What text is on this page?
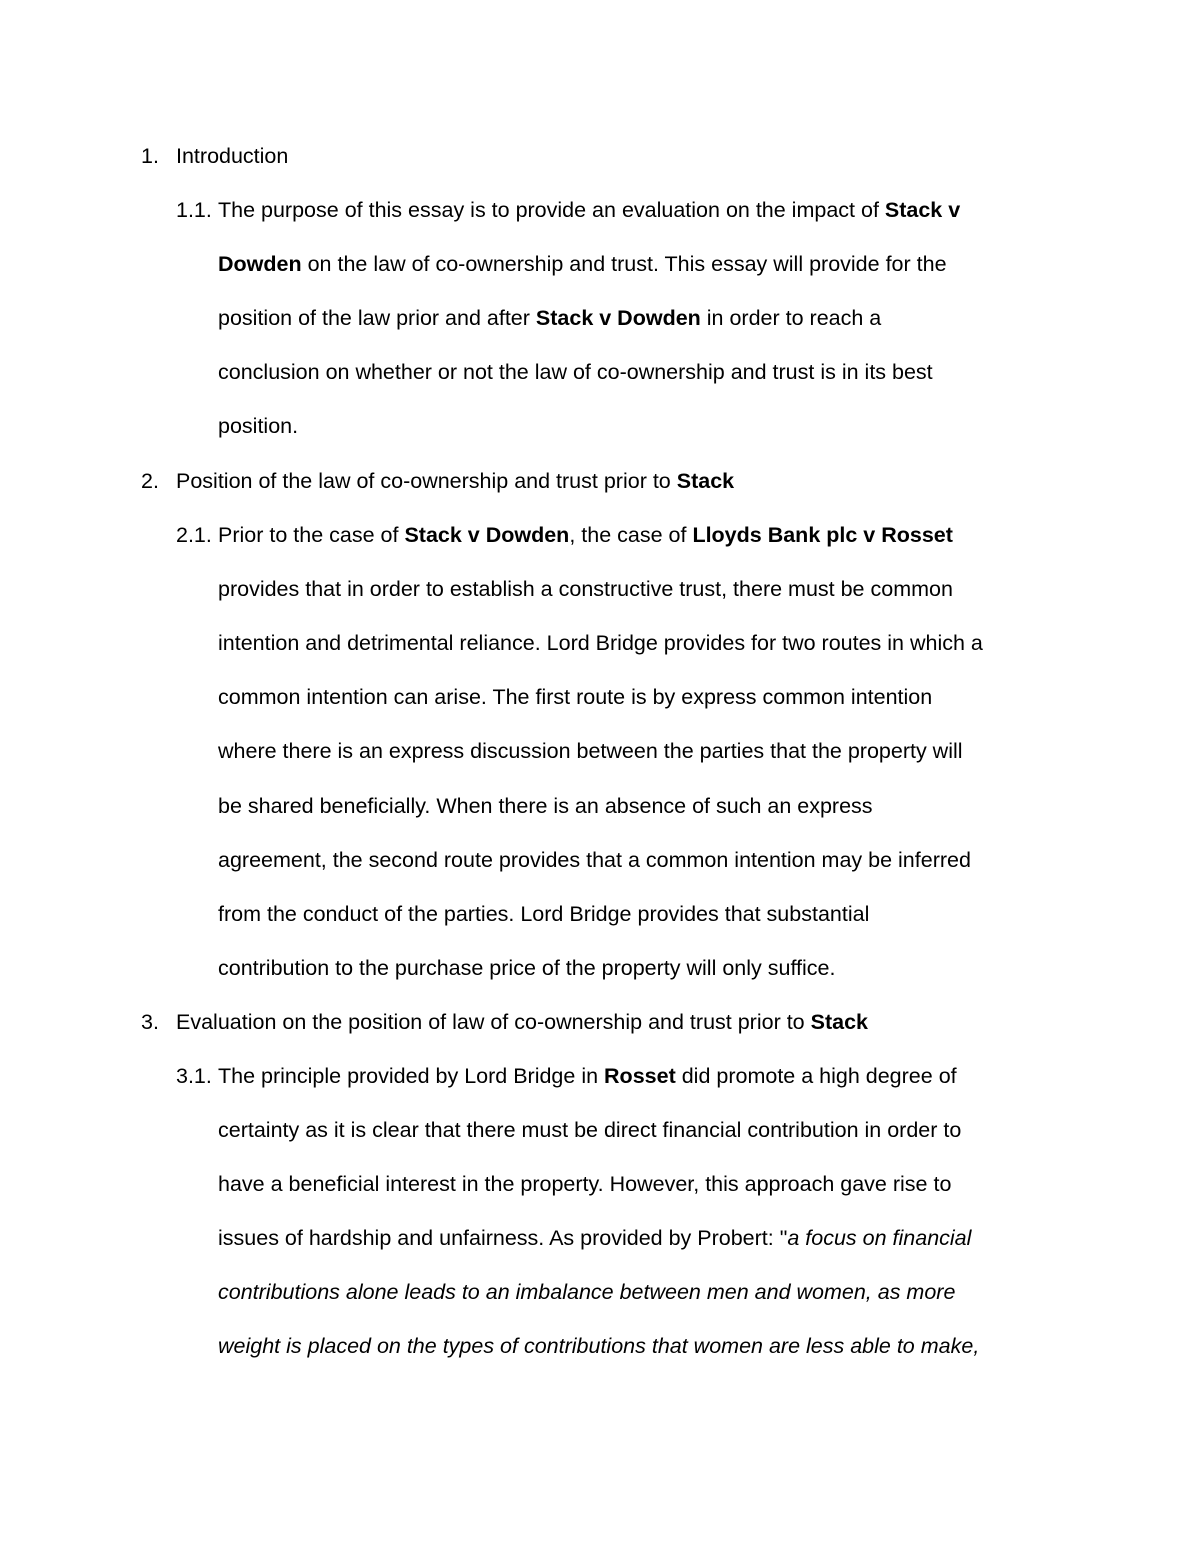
1. Introduction
1.1. The purpose of this essay is to provide an evaluation on the impact of Stack v
Dowden on the law of co-ownership and trust. This essay will provide for the
position of the law prior and after Stack v Dowden in order to reach a
conclusion on whether or not the law of co-ownership and trust is in its best
position.
2. Position of the law of co-ownership and trust prior to Stack
2.1. Prior to the case of Stack v Dowden, the case of Lloyds Bank plc v Rosset
provides that in order to establish a constructive trust, there must be common
intention and detrimental reliance. Lord Bridge provides for two routes in which a
common intention can arise. The first route is by express common intention
where there is an express discussion between the parties that the property will
be shared beneficially. When there is an absence of such an express
agreement, the second route provides that a common intention may be inferred
from the conduct of the parties. Lord Bridge provides that substantial
contribution to the purchase price of the property will only suffice.
3. Evaluation on the position of law of co-ownership and trust prior to Stack
3.1. The principle provided by Lord Bridge in Rosset did promote a high degree of
certainty as it is clear that there must be direct financial contribution in order to
have a beneficial interest in the property. However, this approach gave rise to
issues of hardship and unfairness. As provided by Probert: "a focus on financial
contributions alone leads to an imbalance between men and women, as more
weight is placed on the types of contributions that women are less able to make,
